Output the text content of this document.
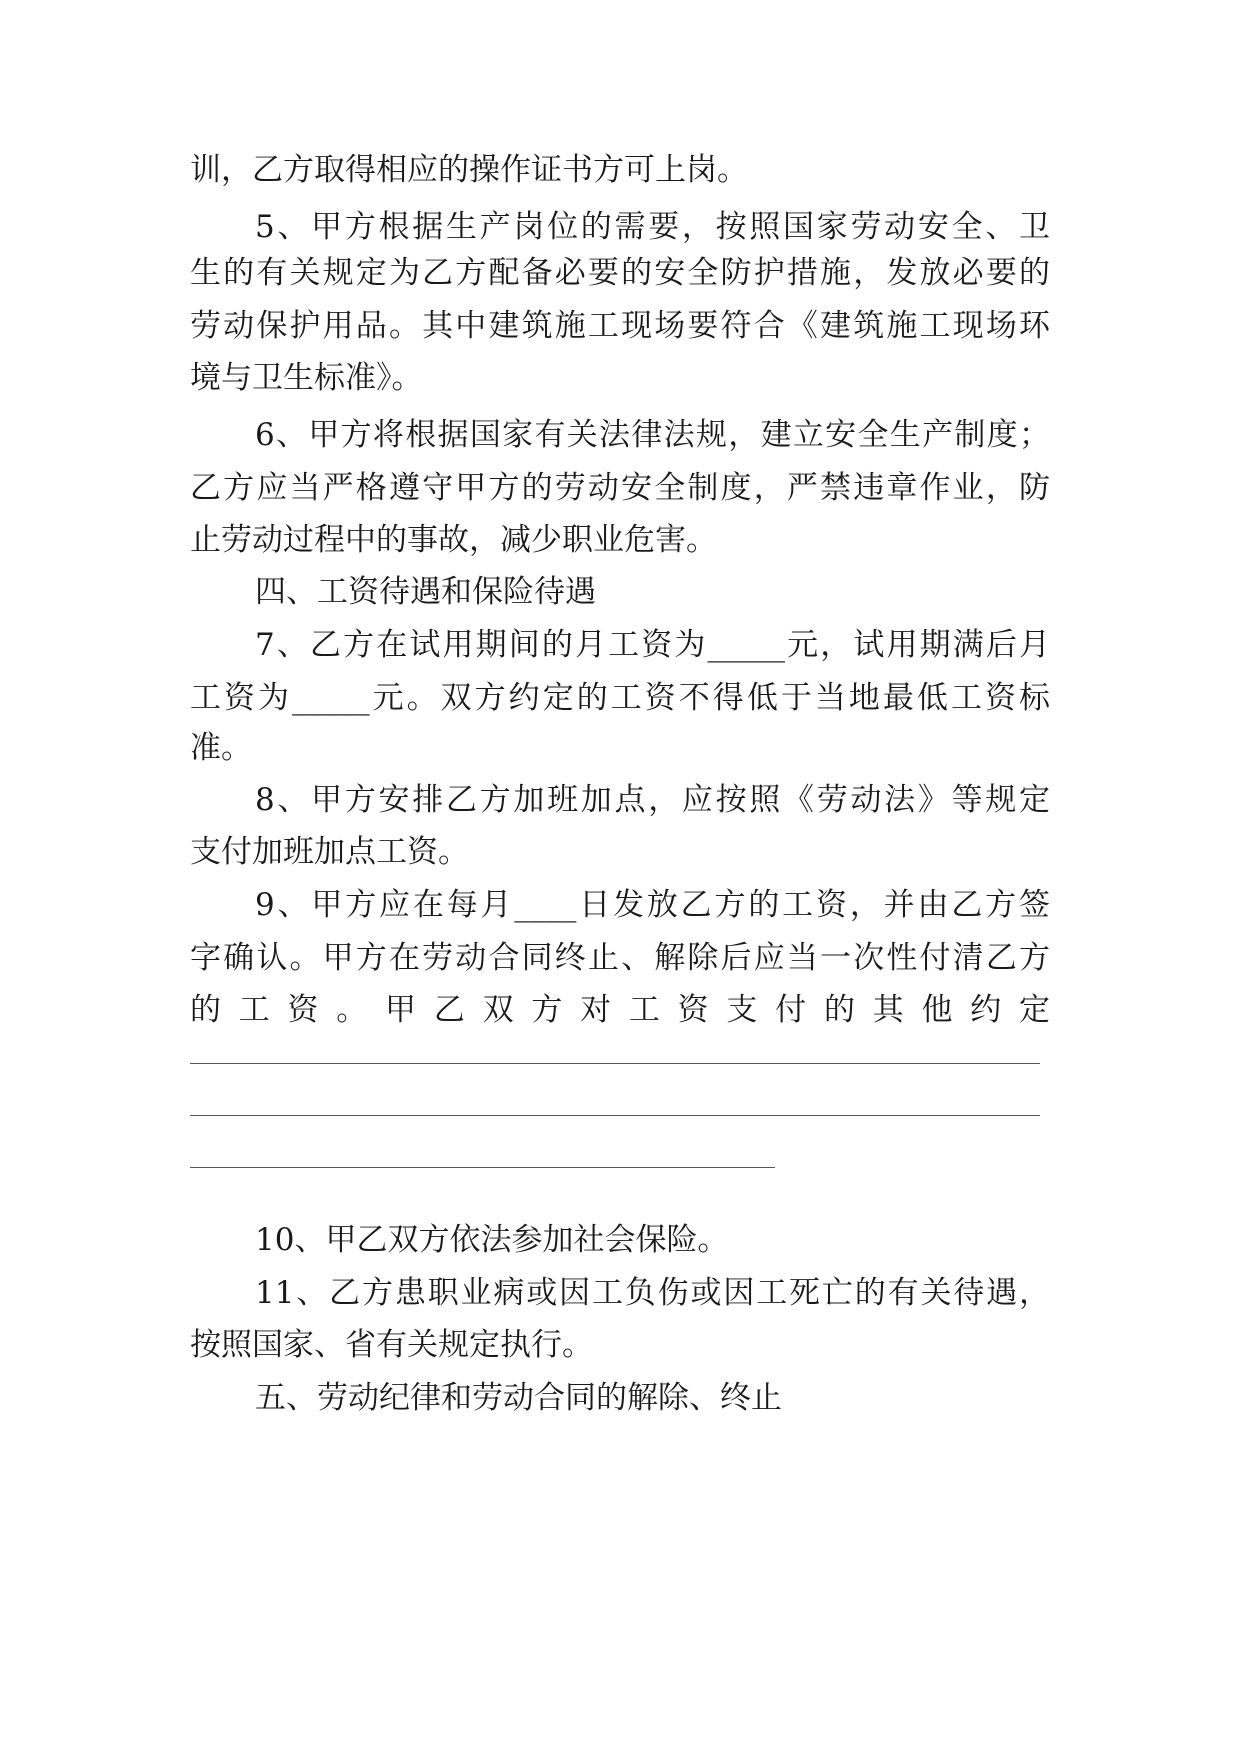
训，乙方取得相应的操作证书方可上岗。
5、甲方根据生产岗位的需要，按照国家劳动安全、卫
生的有关规定为乙方配备必要的安全防护措施，发放必要的
劳动保护用品。其中建筑施工现场要符合《建筑施工现场环
境与卫生标准》。
6、甲方将根据国家有关法律法规，建立安全生产制度；
乙方应当严格遵守甲方的劳动安全制度，严禁违章作业，防
止劳动过程中的事故，减少职业危害。
四、工资待遇和保险待遇
7、乙方在试用期间的月工资为_____元，试用期满后月
工资为_____元。双方约定的工资不得低于当地最低工资标
准。
8、甲方安排乙方加班加点，应按照《劳动法》等规定
支付加班加点工资。
9、甲方应在每月____日发放乙方的工资，并由乙方签
字确认。甲方在劳动合同终止、解除后应当一次性付清乙方
的工资。甲乙双方对工资支付的其他约定
10、甲乙双方依法参加社会保险。
11、乙方患职业病或因工负伤或因工死亡的有关待遇，
按照国家、省有关规定执行。
五、劳动纪律和劳动合同的解除、终止
